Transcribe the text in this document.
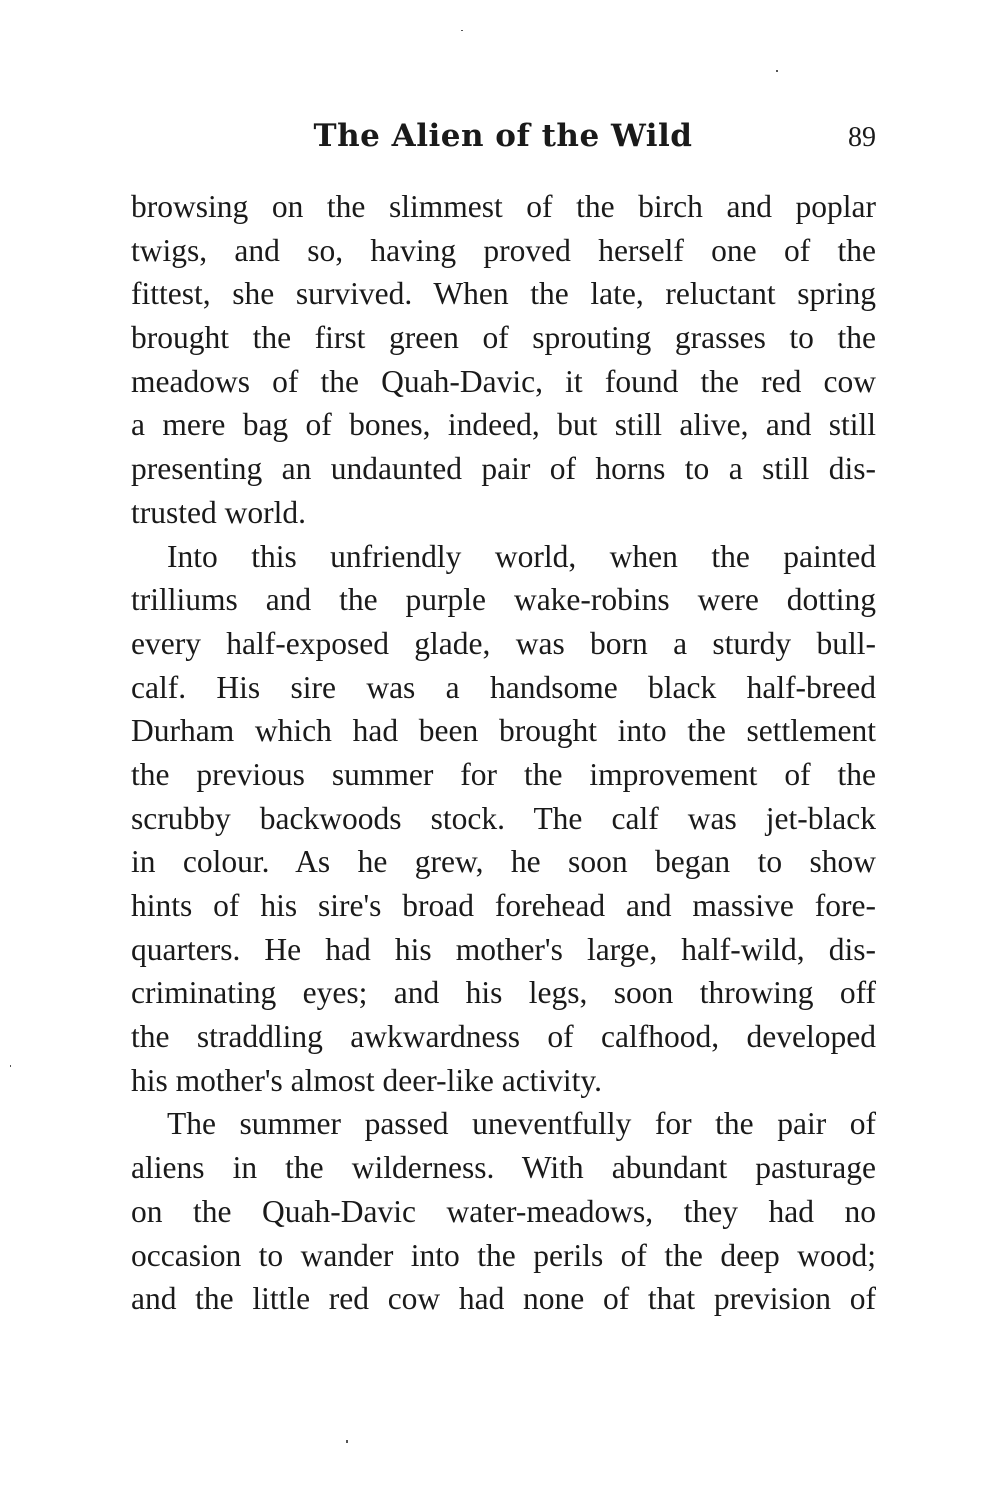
The Alien of the Wild	89
browsing on the slimmest of the birch and poplar
twigs, and so, having proved herself one of the
fittest, she survived. When the late, reluctant spring
brought the first green of sprouting grasses to the
meadows of the Quah-Davic, it found the red cow
a mere bag of bones, indeed, but still alive, and still
presenting an undaunted pair of horns to a still dis-
trusted world.
Into this unfriendly world, when the painted
trilliums and the purple wake-robins were dotting
every half-exposed glade, was born a sturdy bull-
calf. His sire was a handsome black half-breed
Durham which had been brought into the settlement
the previous summer for the improvement of the
scrubby backwoods stock. The calf was jet-black
in colour. As he grew, he soon began to show
hints of his sire's broad forehead and massive fore-
quarters. He had his mother's large, half-wild, dis-
criminating eyes; and his legs, soon throwing off
the straddling awkwardness of calfhood, developed
his mother's almost deer-like activity.
The summer passed uneventfully for the pair of
aliens in the wilderness. With abundant pasturage
on the Quah-Davic water-meadows, they had no
occasion to wander into the perils of the deep wood;
and the little red cow had none of that prevision of
